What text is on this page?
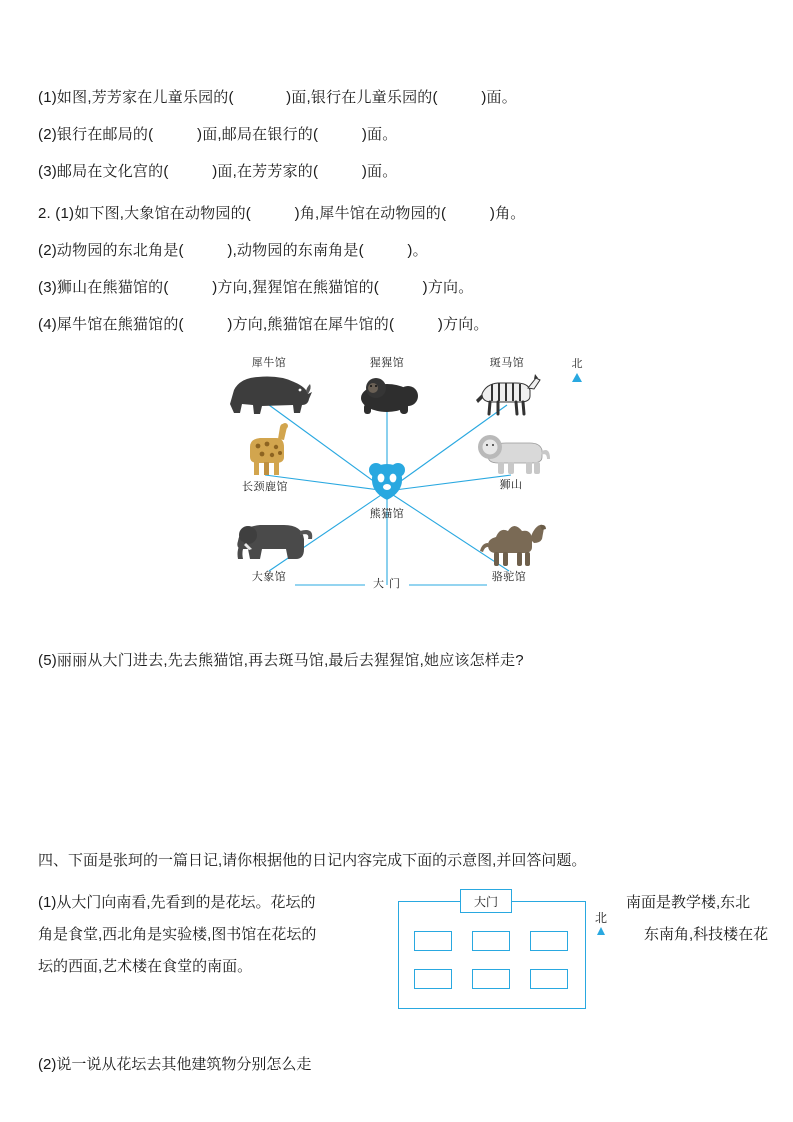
(1)如图,芳芳家在儿童乐园的(            )面,银行在儿童乐园的(          )面。
(2)银行在邮局的(          )面,邮局在银行的(          )面。
(3)邮局在文化宫的(          )面,在芳芳家的(          )面。
2. (1)如下图,大象馆在动物园的(          )角,犀牛馆在动物园的(          )角。
(2)动物园的东北角是(          ),动物园的东南角是(          )。
(3)狮山在熊猫馆的(          )方向,猩猩馆在熊猫馆的(          )方向。
(4)犀牛馆在熊猫馆的(          )方向,熊猫馆在犀牛馆的(          )方向。
北
犀牛馆	猩猩馆	斑马馆
长颈鹿馆	狮山
大象馆	骆驼馆
熊猫馆
大 门
(5)丽丽从大门进去,先去熊猫馆,再去斑马馆,最后去猩猩馆,她应该怎样走?
四、下面是张珂的一篇日记,请你根据他的日记内容完成下面的示意图,并回答问题。
(1)从大门向南看,先看到的是花坛。花坛的
角是食堂,西北角是实验楼,图书馆在花坛的
坛的西面,艺术楼在食堂的南面。
南面是教学楼,东北
东南角,科技楼在花
北
大门
(2)说一说从花坛去其他建筑物分别怎么走
